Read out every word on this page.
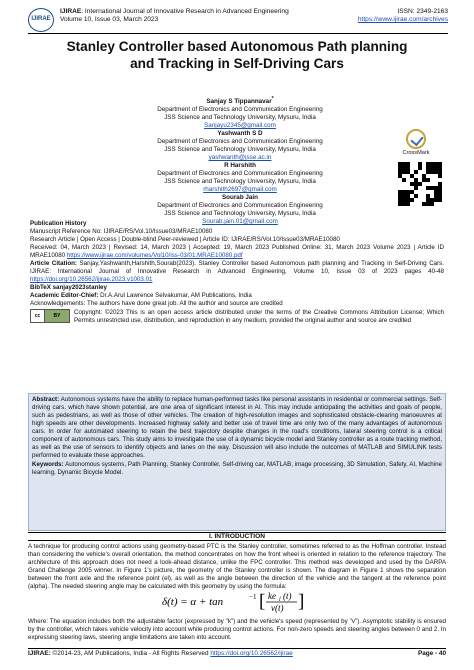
IJIRAE
IJIRAE: International Journal of Innovative Research in Advanced Engineering
Volume 10, Issue 03, March 2023
ISSN: 2349-2163
https://www.ijirae.com/archives
Stanley Controller based Autonomous Path planning
and Tracking in Self-Driving Cars
Sanjay S Tippannavar*
Department of Electronics and Communication Engineering
JSS Science and Technology University, Mysuru, India
Sanjayu2345@gmail.com
Yashwanth S D
Department of Electronics and Communication Engineering
JSS Science and Technology University, Mysuru, India
yashwanth@jsse.ac.in
R Harshith
Department of Electronics and Communication Engineering
JSS Science and Technology University, Mysuru, India
rharshith2697@gmail.com
Sourab Jain
Department of Electronics and Communication Engineering
JSS Science and Technology University, Mysuru, India
Sourab.jain.01@gmail.com
CrossMark
Publication History
Manuscript Reference No: IJIRAE/RS/Vol.10/Issue03/MRAE10080
Research Article | Open Access | Double-blind Peer-reviewed | Article ID: IJIRAE/RS/Vol.10/Issue03/MRAE10080

Received: 04, March 2023 | Revised: 14, March 2023 | Accepted: 19, March 2023 Published Online: 31, March 2023 Volume 2023 | Article ID MRAE10080 https://www.ijirae.com/volumes/Vol10/iss-03/01.MRAE10080.pdf

Article Citation: Sanjay,Yashwanth,Harshith,Sourab(2023). Stanley Controller based Autonomous path planning and Tracking in Self-Driving Cars. IJIRAE: International Journal of Innovative Research in Advanced Engineering, Volume 10, Issue 03 of 2023 pages 40-48 https://doi.org/10.26562/ijirae.2023.v1003.01

BibTeX sanjay2023stanley
Academic Editor-Chief: Dr.A.Arul Lawrence Selvakumar, AM Publications, India
Acknowledgements: The authors have done great job. All the author and source are credited
cc	BY	Copyright: ©2023 This is an open access article distributed under the terms of the Creative Commons Attribution License; Which Permits unrestricted use, distribution, and reproduction in any medium, provided the original author and source are credited

Abstract: Autonomous systems have the ability to replace human-performed tasks like personal assistants in residential or commercial settings. Self-driving cars, which have shown potential, are one area of significant interest in AI. This may include anticipating the activities and goals of people, such as pedestrians, as well as those of other vehicles. The creation of high-resolution images and sophisticated obstacle-clearing manoeuvres at high speeds are other developments. Increased highway safety and better use of travel time are only two of the many advantages of autonomous cars. In order for automated steering to retain the best trajectory despite changes in the road's conditions, lateral steering control is a critical component of autonomous cars. This study aims to investigate the use of a dynamic bicycle model and Stanley controller as a route tracking method, as well as the use of sensors to identify objects and lanes on the way. Discussion will also include the outcomes of MATLAB and SIMULINK tests performed to evaluate these approaches.

Keywords: Autonomous systems, Path Planning, Stanley Controller, Self-driving car, MATLAB, image processing, 3D Simulation, Safety, AI, Machine learning, Dynamic Bicycle Model.

I. INTRODUCTION
A technique for producing control actions using geometry-based PTC is the Stanley controller, sometimes referred to as the Hoffman controller. Instead than considering the vehicle's overall orientation, the method concentrates on how the front wheel is oriented in relation to the reference trajectory. The architecture of this approach does not need a look-ahead distance, unlike the FPC controller. This method was developed and used by the DARPA Grand Challenge 2005 winner. In Figure 1's picture, the geometry of the Stanley controller is shown. The diagram in Figure 1 shows the separation between the front axle and the reference point (el), as well as the angle between the direction of the vehicle and the tangent at the reference point (alpha). The needed steering angle may be calculated with this geometry by using the formula:
δ(t) = α + tan	−1 [ ke l (t)
v(t) ]
Where: The equation includes both the adjustable factor (expressed by "k") and the vehicle's speed (represented by "v"). Asymptotic stability is ensured by the controller, which takes vehicle velocity into account while producing control actions. For non-zero speeds and steering angles between 0 and 2. In expressing steering laws, steering angle limitations are taken into account.
IJIRAE: ©2014-23, AM Publications, India - All Rights Reserved https://doi.org/10.26562/ijirae	Page - 40
